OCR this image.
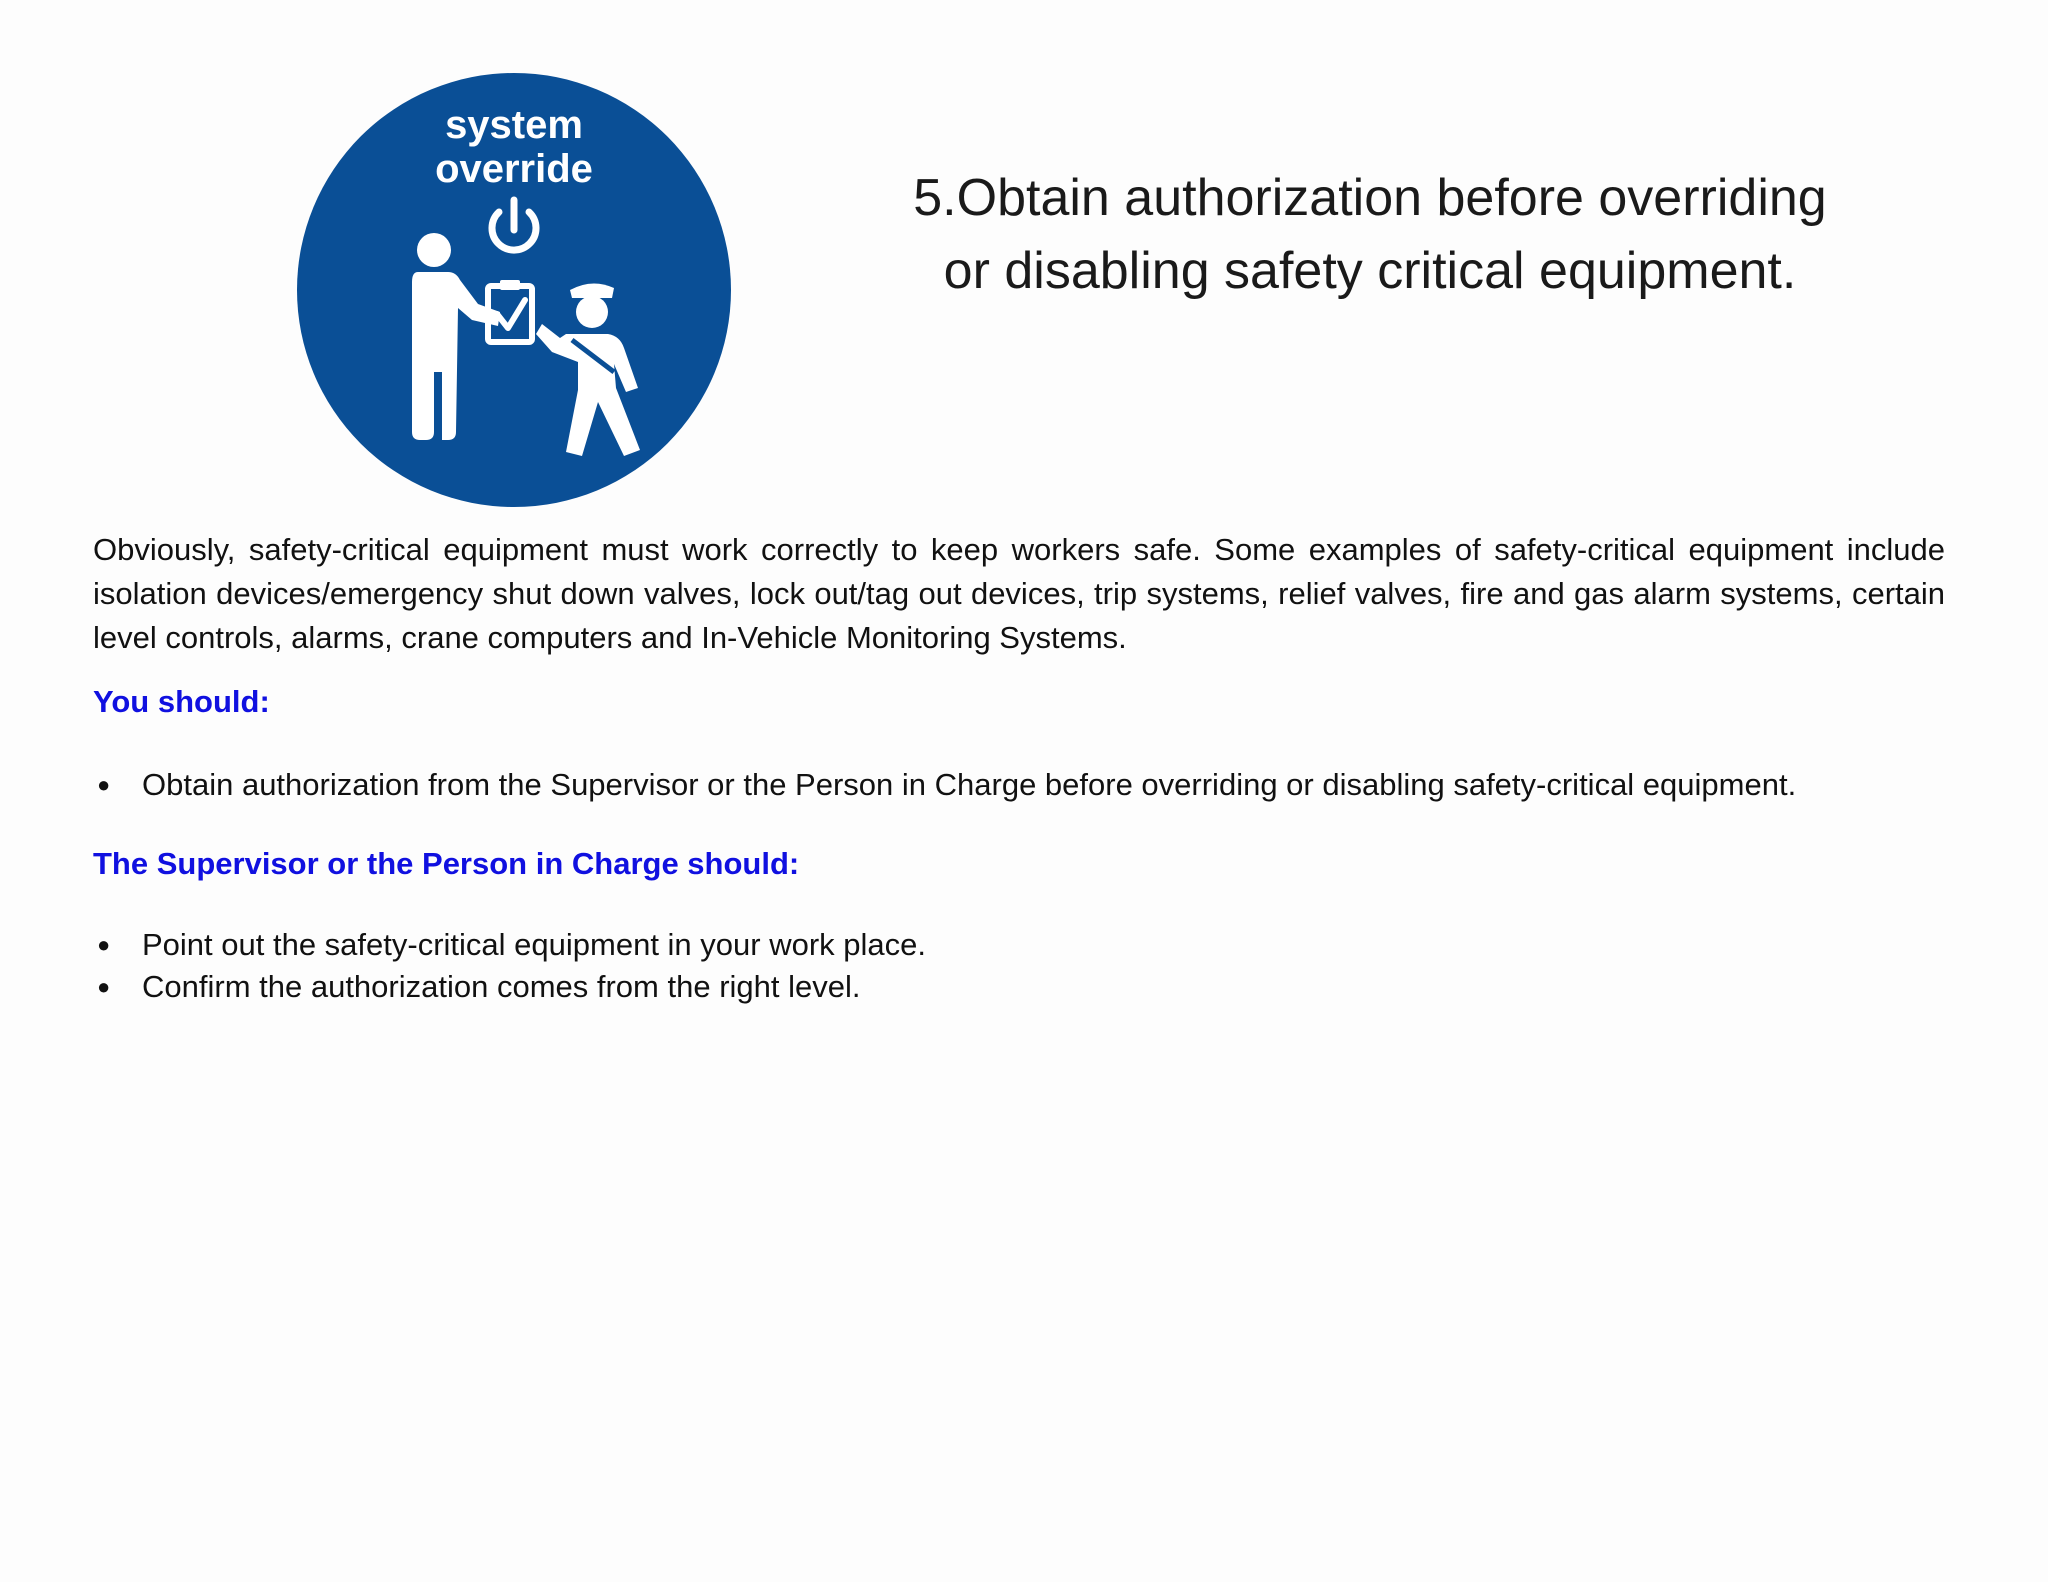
system
override	5.Obtain authorization before overriding
or disabling safety critical equipment.

Obviously, safety-critical equipment must work correctly to keep workers safe. Some examples of safety-critical equipment include isolation devices/emergency shut down valves, lock out/tag out devices, trip systems, relief valves, fire and gas alarm systems, certain level controls, alarms, crane computers and In-Vehicle Monitoring Systems.

You should:
● Obtain authorization from the Supervisor or the Person in Charge before overriding or disabling safety-critical equipment.
The Supervisor or the Person in Charge should:
● Point out the safety-critical equipment in your work place.
● Confirm the authorization comes from the right level.
